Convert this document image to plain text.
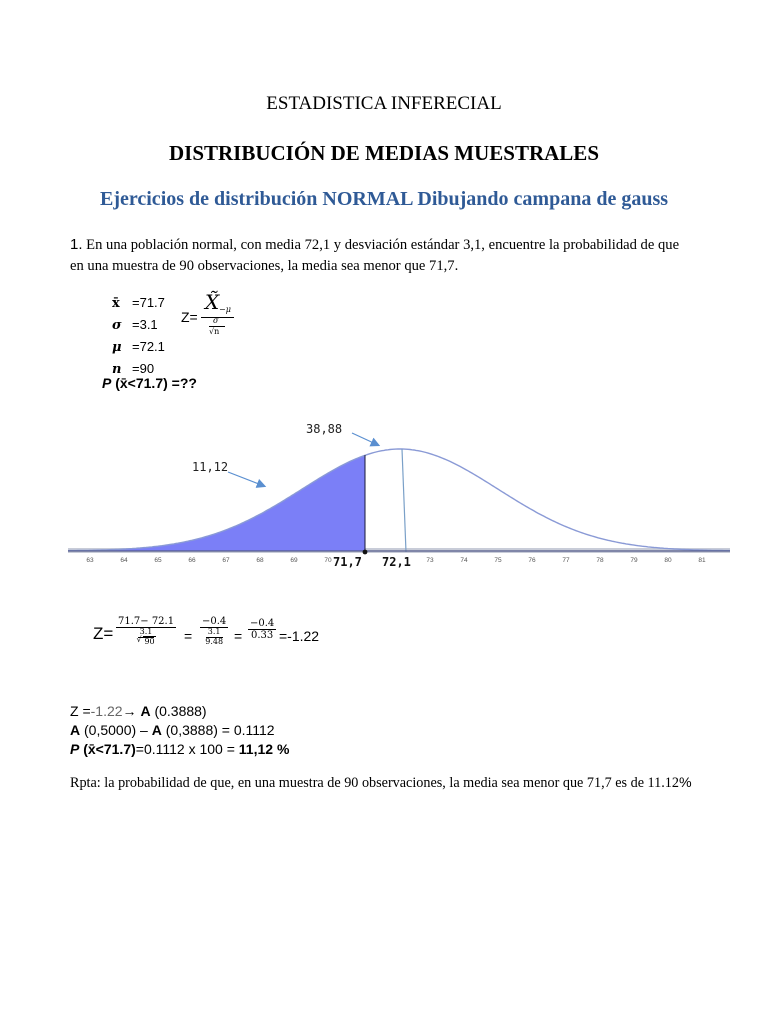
ESTADISTICA INFERECIAL
DISTRIBUCIÓN DE MEDIAS MUESTRALES
Ejercicios de distribución NORMAL Dibujando campana de gauss
1. En una población normal, con media 72,1 y desviación estándar 3,1, encuentre la probabilidad de que
en una muestra de 90 observaciones, la media sea menor que 71,7.
x̄ =71.7
σ =3.1
μ =72.1
n =90
P (x̄<71.7) =??
Z=
X̃ −μ
σ
√n
63	64	65	66	67	68	69	70	73	74	75	76	77	78	79	80	81
11,12
38,88
71,7 72,1
$Z= \frac{71.7- 72.1}{\frac{3.1}{√ 90}} = \frac{-0.4}{\frac{3.1}{9.48}} = \frac{-0.4}{0.33} =-1.22$
Z =-1.22→ A (0.3888)
A (0,5000) – A (0,3888) = 0.1112
P (x̄<71.7)=0.1112 x 100 = 11,12 %
Rpta: la probabilidad de que, en una muestra de 90 observaciones, la media sea menor que 71,7 es de 11.12%
